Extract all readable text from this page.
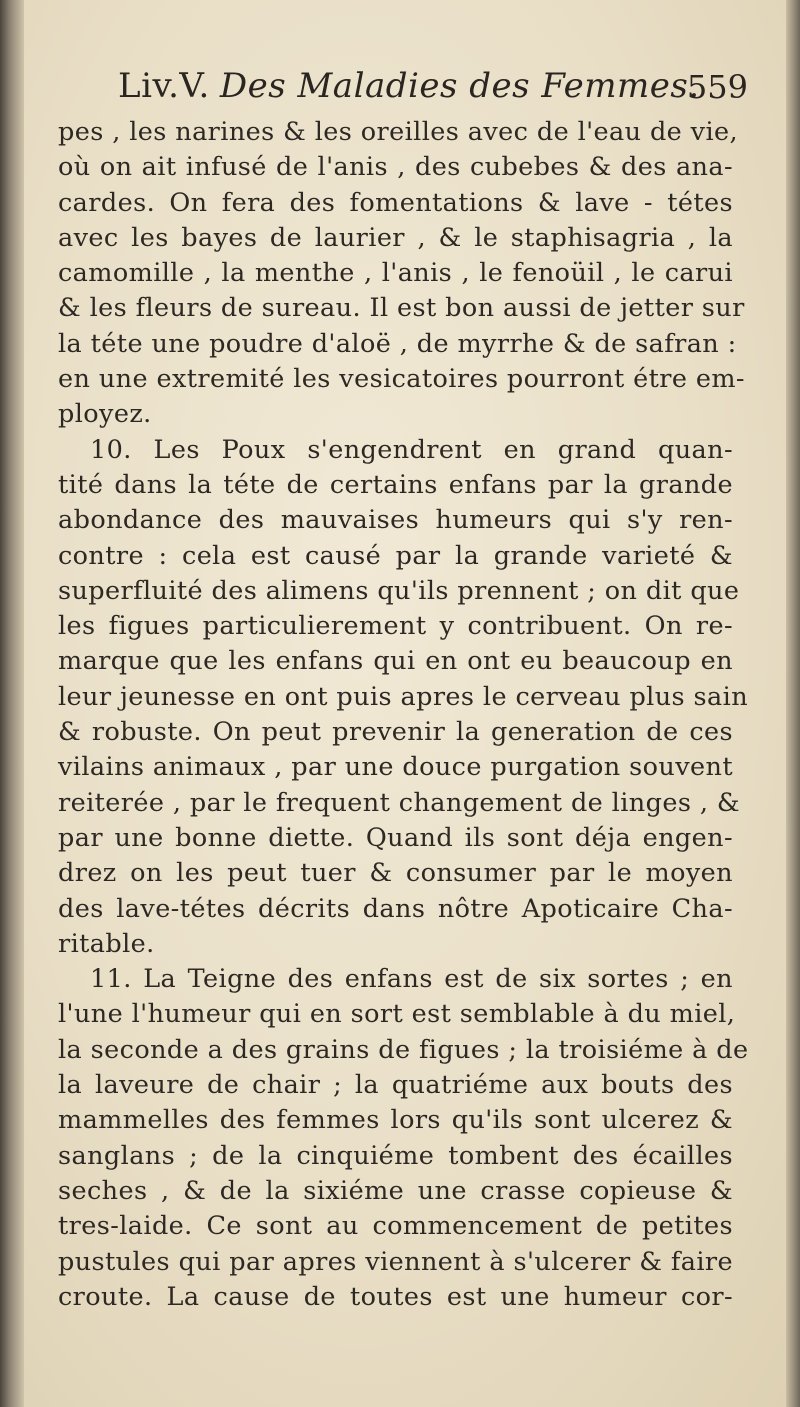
Liv.V. Des Maladies des Femmes.
559
pes , les narines & les oreilles avec de l'eau de vie,
où on ait infusé de l'anis , des cubebes & des ana-
cardes. On fera des fomentations & lave - tétes
avec les bayes de laurier , & le staphisagria , la
camomille , la menthe , l'anis , le fenoüil , le carui
& les fleurs de sureau. Il est bon aussi de jetter sur
la téte une poudre d'aloë , de myrrhe & de safran :
en une extremité les vesicatoires pourront étre em-
ployez.
10. Les Poux s'engendrent en grand quan-
tité dans la téte de certains enfans par la grande
abondance des mauvaises humeurs qui s'y ren-
contre : cela est causé par la grande varieté &
superfluité des alimens qu'ils prennent ; on dit que
les figues particulierement y contribuent. On re-
marque que les enfans qui en ont eu beaucoup en
leur jeunesse en ont puis apres le cerveau plus sain
& robuste. On peut prevenir la generation de ces
vilains animaux , par une douce purgation souvent
reiterée , par le frequent changement de linges , &
par une bonne diette. Quand ils sont déja engen-
drez on les peut tuer & consumer par le moyen
des lave-tétes décrits dans nôtre Apoticaire Cha-
ritable.
11. La Teigne des enfans est de six sortes ; en
l'une l'humeur qui en sort est semblable à du miel,
la seconde a des grains de figues ; la troisiéme à de
la laveure de chair ; la quatriéme aux bouts des
mammelles des femmes lors qu'ils sont ulcerez &
sanglans ; de la cinquiéme tombent des écailles
seches , & de la sixiéme une crasse copieuse &
tres-laide. Ce sont au commencement de petites
pustules qui par apres viennent à s'ulcerer & faire
croute. La cause de toutes est une humeur cor-
